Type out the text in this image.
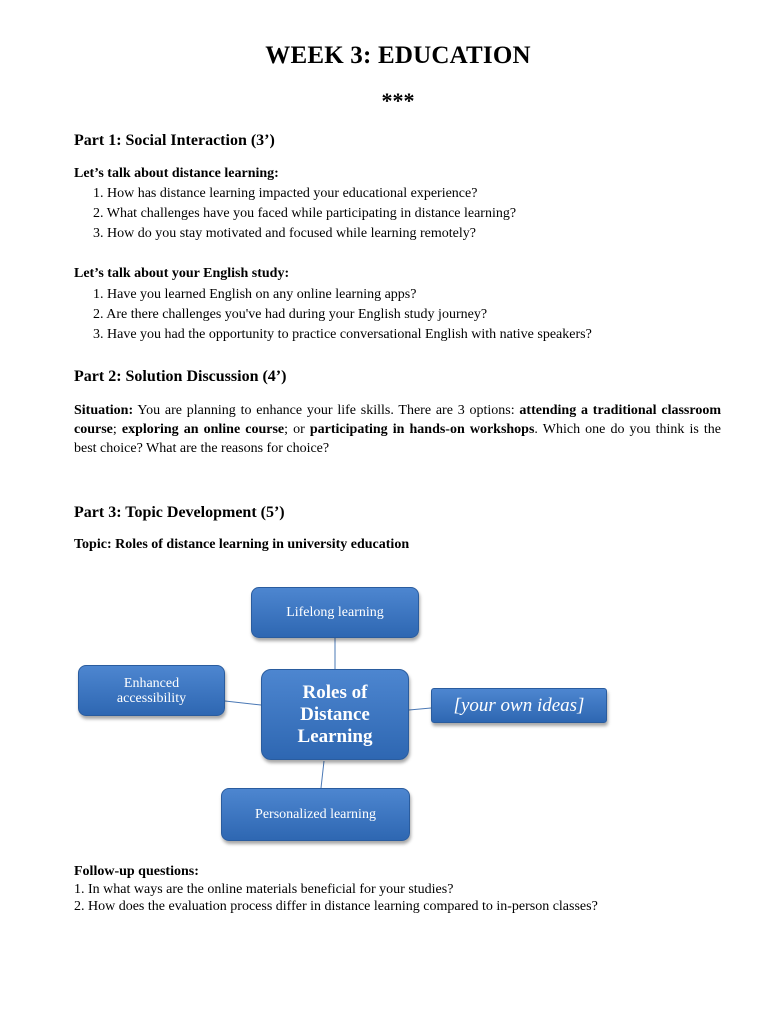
WEEK 3: EDUCATION
***
Part 1: Social Interaction (3’)
Let’s talk about distance learning:
1. How has distance learning impacted your educational experience?
2. What challenges have you faced while participating in distance learning?
3. How do you stay motivated and focused while learning remotely?
Let’s talk about your English study:
1. Have you learned English on any online learning apps?
2. Are there challenges you've had during your English study journey?
3. Have you had the opportunity to practice conversational English with native speakers?
Part 2: Solution Discussion (4’)
Situation: You are planning to enhance your life skills. There are 3 options: attending a traditional classroom course; exploring an online course; or participating in hands-on workshops. Which one do you think is the best choice? What are the reasons for choice?
Part 3: Topic Development (5’)
Topic: Roles of distance learning in university education
Lifelong learning
Enhanced accessibility	Roles of Distance Learning
[your own ideas]
Personalized learning
Follow-up questions:
1. In what ways are the online materials beneficial for your studies?
2. How does the evaluation process differ in distance learning compared to in-person classes?
